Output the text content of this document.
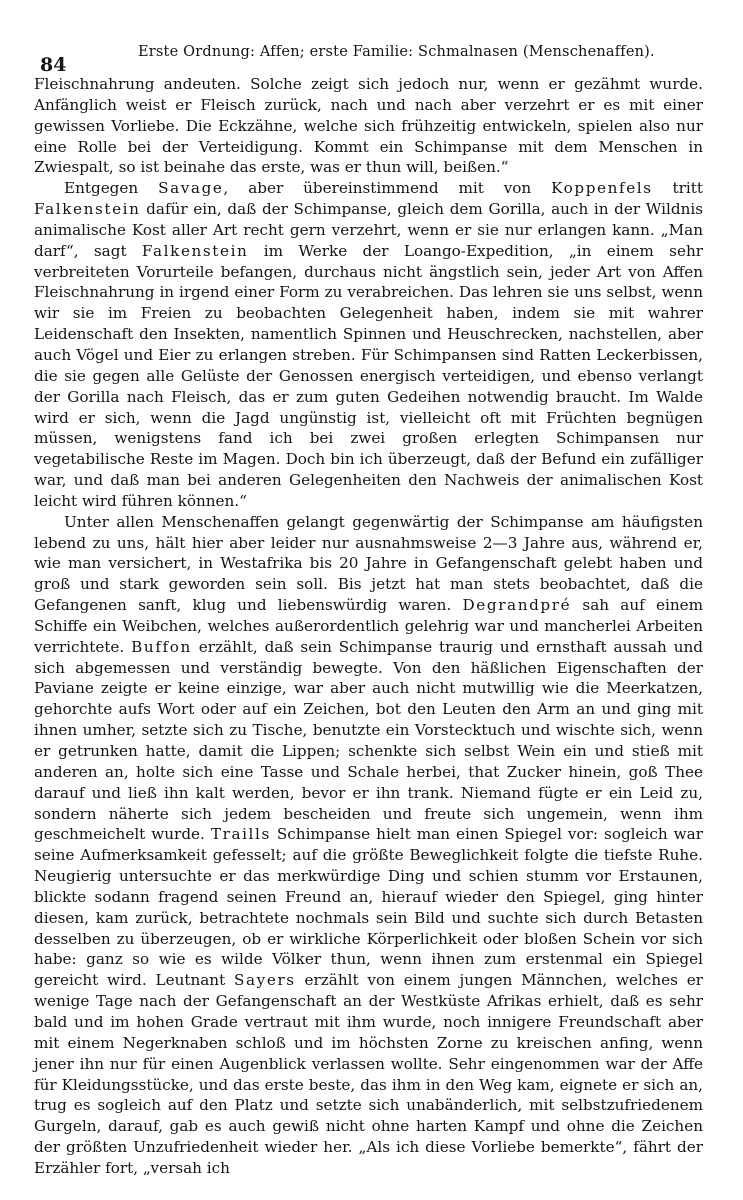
84
Erste Ordnung: Affen; erste Familie: Schmalnasen (Menschenaffen).

Fleischnahrung andeuten. Solche zeigt sich jedoch nur, wenn er gezähmt wurde. Anfänglich weist er Fleisch zurück, nach und nach aber verzehrt er es mit einer gewissen Vorliebe. Die Eckzähne, welche sich frühzeitig entwickeln, spielen also nur eine Rolle bei der Verteidigung. Kommt ein Schimpanse mit dem Menschen in Zwiespalt, so ist beinahe das erste, was er thun will, beißen.“

Entgegen Savage, aber übereinstimmend mit von Koppenfels tritt Falkenstein dafür ein, daß der Schimpanse, gleich dem Gorilla, auch in der Wildnis animalische Kost aller Art recht gern verzehrt, wenn er sie nur erlangen kann. „Man darf“, sagt Falkenstein im Werke der Loango-Expedition, „in einem sehr verbreiteten Vorurteile befangen, durchaus nicht ängstlich sein, jeder Art von Affen Fleischnahrung in irgend einer Form zu verabreichen. Das lehren sie uns selbst, wenn wir sie im Freien zu beobachten Gelegenheit haben, indem sie mit wahrer Leidenschaft den Insekten, namentlich Spinnen und Heuschrecken, nachstellen, aber auch Vögel und Eier zu erlangen streben. Für Schimpansen sind Ratten Leckerbissen, die sie gegen alle Gelüste der Genossen energisch verteidigen, und ebenso verlangt der Gorilla nach Fleisch, das er zum guten Gedeihen notwendig braucht. Im Walde wird er sich, wenn die Jagd ungünstig ist, vielleicht oft mit Früchten begnügen müssen, wenigstens fand ich bei zwei großen erlegten Schimpansen nur vegetabilische Reste im Magen. Doch bin ich überzeugt, daß der Befund ein zufälliger war, und daß man bei anderen Gelegenheiten den Nachweis der animalischen Kost leicht wird führen können.“

Unter allen Menschenaffen gelangt gegenwärtig der Schimpanse am häufigsten lebend zu uns, hält hier aber leider nur ausnahmsweise 2—3 Jahre aus, während er, wie man versichert, in Westafrika bis 20 Jahre in Gefangenschaft gelebt haben und groß und stark geworden sein soll. Bis jetzt hat man stets beobachtet, daß die Gefangenen sanft, klug und liebenswürdig waren. Degrandpré sah auf einem Schiffe ein Weibchen, welches außerordentlich gelehrig war und mancherlei Arbeiten verrichtete. Buffon erzählt, daß sein Schimpanse traurig und ernsthaft aussah und sich abgemessen und verständig bewegte. Von den häßlichen Eigenschaften der Paviane zeigte er keine einzige, war aber auch nicht mutwillig wie die Meerkatzen, gehorchte aufs Wort oder auf ein Zeichen, bot den Leuten den Arm an und ging mit ihnen umher, setzte sich zu Tische, benutzte ein Vorstecktuch und wischte sich, wenn er getrunken hatte, damit die Lippen; schenkte sich selbst Wein ein und stieß mit anderen an, holte sich eine Tasse und Schale herbei, that Zucker hinein, goß Thee darauf und ließ ihn kalt werden, bevor er ihn trank. Niemand fügte er ein Leid zu, sondern näherte sich jedem bescheiden und freute sich ungemein, wenn ihm geschmeichelt wurde. Traills Schimpanse hielt man einen Spiegel vor: sogleich war seine Aufmerksamkeit gefesselt; auf die größte Beweglichkeit folgte die tiefste Ruhe. Neugierig untersuchte er das merkwürdige Ding und schien stumm vor Erstaunen, blickte sodann fragend seinen Freund an, hierauf wieder den Spiegel, ging hinter diesen, kam zurück, betrachtete nochmals sein Bild und suchte sich durch Betasten desselben zu überzeugen, ob er wirkliche Körperlichkeit oder bloßen Schein vor sich habe: ganz so wie es wilde Völker thun, wenn ihnen zum erstenmal ein Spiegel gereicht wird. Leutnant Sayers erzählt von einem jungen Männchen, welches er wenige Tage nach der Gefangenschaft an der Westküste Afrikas erhielt, daß es sehr bald und im hohen Grade vertraut mit ihm wurde, noch innigere Freundschaft aber mit einem Negerknaben schloß und im höchsten Zorne zu kreischen anfing, wenn jener ihn nur für einen Augenblick verlassen wollte. Sehr eingenommen war der Affe für Kleidungsstücke, und das erste beste, das ihm in den Weg kam, eignete er sich an, trug es sogleich auf den Platz und setzte sich unabänderlich, mit selbstzufriedenem Gurgeln, darauf, gab es auch gewiß nicht ohne harten Kampf und ohne die Zeichen der größten Unzufriedenheit wieder her. „Als ich diese Vorliebe bemerkte“, fährt der Erzähler fort, „versah ich
